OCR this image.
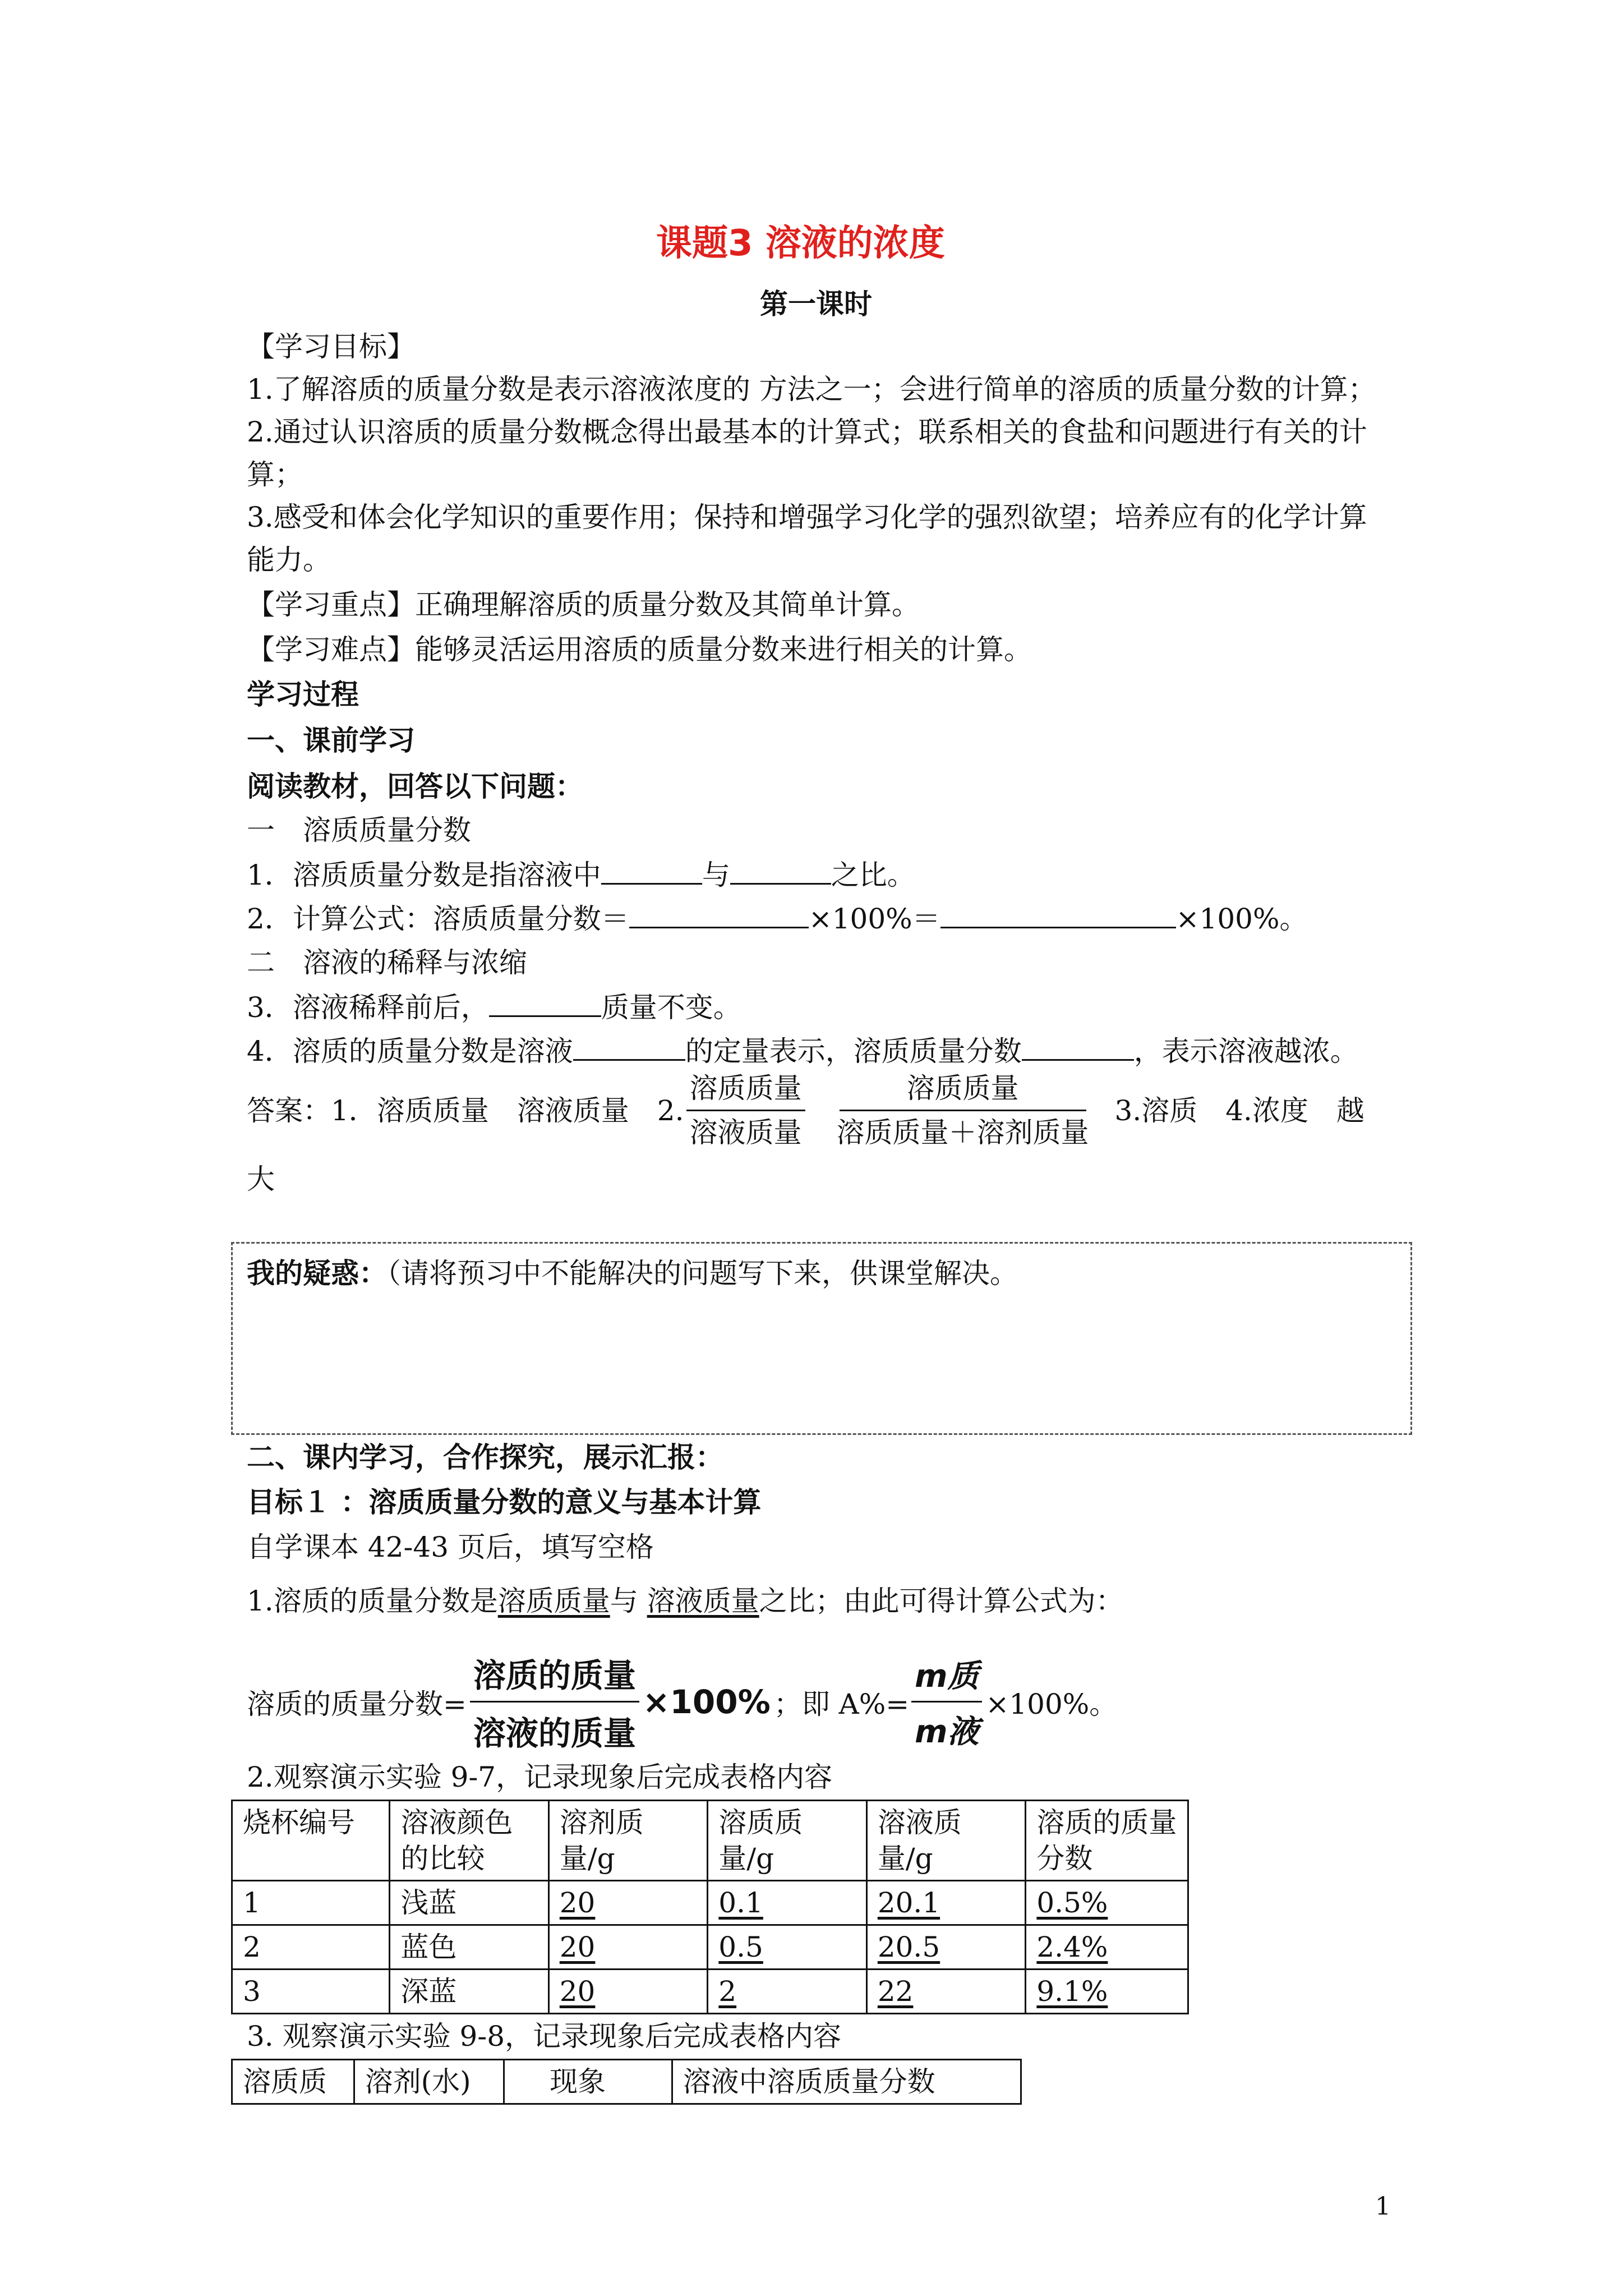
课题3 溶液的浓度
第一课时
【学习目标】
1.了解溶质的质量分数是表示溶液浓度的 方法之一；会进行简单的溶质的质量分数的计算；
2.通过认识溶质的质量分数概念得出最基本的计算式；联系相关的食盐和问题进行有关的计
算；
3.感受和体会化学知识的重要作用；保持和增强学习化学的强烈欲望；培养应有的化学计算
能力。
【学习重点】正确理解溶质的质量分数及其简单计算。
【学习难点】能够灵活运用溶质的质量分数来进行相关的计算。
学习过程
一、课前学习
阅读教材，回答以下问题：
一　溶质质量分数
1．溶质质量分数是指溶液中	与	之比。
2．计算公式：溶质质量分数＝	×100%＝	×100%。
二　溶液的稀释与浓缩
3．溶液稀释前后，	质量不变。
4．溶质的质量分数是溶液	的定量表示，溶质质量分数	，表示溶液越浓。
答案：1．溶质质量　溶液质量　2. $\frac{\text{溶质质量}}{\text{溶液质量}} \frac{\text{溶质质量}}{\text{溶质质量＋溶剂质量}} 3$.溶质　4.浓度　越
大
我的疑惑：（请将预习中不能解决的问题写下来，供课堂解决。
二、课内学习，合作探究，展示汇报：
目标１ ：溶质质量分数的意义与基本计算
自学课本 42-43 页后，填写空格
1.溶质的质量分数是溶质质量与 溶液质量之比；由此可得计算公式为：
溶质的质量分数= $\frac{\text{溶质的质量}}{\text{溶液的质量}} \times 100\%$ ；即 $A\%= \frac{\text{m质}}{\text{m液}} \times 100\%$。
2.观察演示实验 9-7，记录现象后完成表格内容
烧杯编号	溶液颜色的比较	溶剂质量/g	溶质质量/g	溶液质量/g	溶质的质量分数
1	浅蓝	20	0.1	20.1	0.5%
2	蓝色	20	0.5	20.5	2.4%
3	深蓝	20	2	22	9.1%
3. 观察演示实验 9-8，记录现象后完成表格内容
溶质质	溶剂(水)	现象	溶液中溶质质量分数
1
